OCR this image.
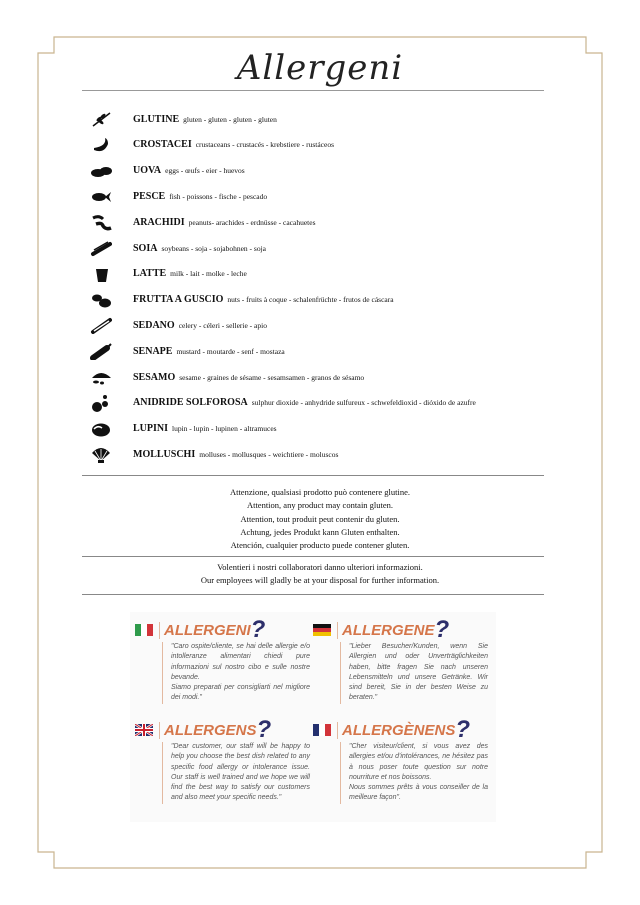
Allergeni
GLUTINE gluten - gluten - gluten - gluten
CROSTACEI crustaceans - crustacés - krebstiere - rustáceos
UOVA eggs - œufs - eier - huevos
PESCE fish - poissons - fische - pescado
ARACHIDI peanuts- arachides - erdnüsse - cacahuetes
SOIA soybeans - soja - sojabohnen - soja
LATTE milk - lait - molke - leche
FRUTTA A GUSCIO nuts - fruits à coque - schalenfrüchte - frutos de cáscara
SEDANO celery - céleri - sellerie - apio
SENAPE mustard - moutarde - senf - mostaza
SESAMO sesame - graines de sésame - sesamsamen - granos de sésamo
ANIDRIDE SOLFOROSA sulphur dioxide - anhydride sulfureux - schwefeldioxid - dióxido de azufre
LUPINI lupin - lupin - lupinen - altramuces
MOLLUSCHI molluses - mollusques - weichtiere - moluscos
Attenzione, qualsiasi prodotto può contenere glutine.
Attention, any product may contain gluten.
Attention, tout produit peut contenir du gluten.
Achtung, jedes Produkt kann Gluten enthalten.
Atención, cualquier producto puede contener gluten.
Volentieri i nostri collaboratori danno ulteriori informazioni.
Our employees will gladly be at your disposal for further information.
ALLERGENI ?
"Caro ospite/cliente, se hai delle allergie e/o intolleranze alimentari chiedi pure informazioni sul nostro cibo e sulle nostre bevande.
Siamo preparati per consigliarti nel migliore dei modi."
ALLERGENE ?
"Lieber Besucher/Kunden, wenn Sie Allergien und oder Unverträglichkeiten haben, bitte fragen Sie nach unseren Lebensmitteln und unsere Getränke. Wir sind bereit, Sie in der besten Weise zu beraten."
ALLERGENS ?
"Dear customer, our staff will be happy to help you choose the best dish related to any specific food allergy or intolerance issue. Our staff is well trained and we hope we will find the best way to satisfy our customers and also meet your specific needs."
ALLERGÈNENS ?
"Cher visiteur/client, si vous avez des allergies et/ou d'intolérances, ne hésitez pas à nous poser toute question sur notre nourriture et nos boissons.
Nous sommes prêts à vous conseiller de la meilleure façon".
